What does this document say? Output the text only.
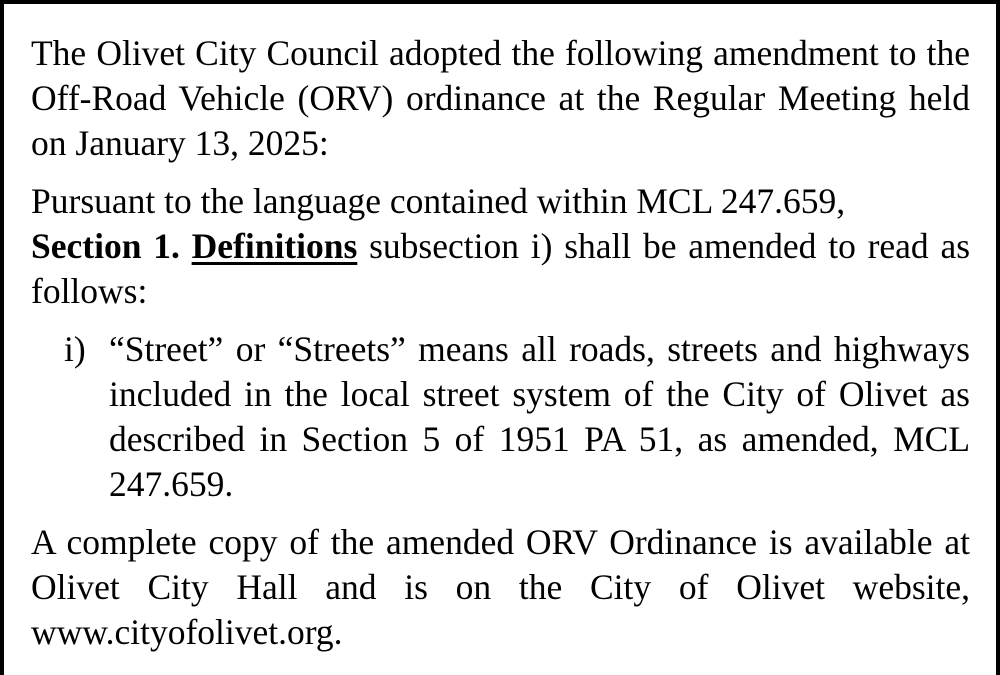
The Olivet City Council adopted the following amendment to the Off-Road Vehicle (ORV) ordinance at the Regular Meeting held on January 13, 2025:

Pursuant to the language contained within MCL 247.659,
Section 1. Definitions subsection i) shall be amended to read as follows:

i) “Street” or “Streets” means all roads, streets and highways included in the local street system of the City of Olivet as described in Section 5 of 1951 PA 51, as amended, MCL 247.659.

A complete copy of the amended ORV Ordinance is available at Olivet City Hall and is on the City of Olivet website, www.cityofolivet.org.
